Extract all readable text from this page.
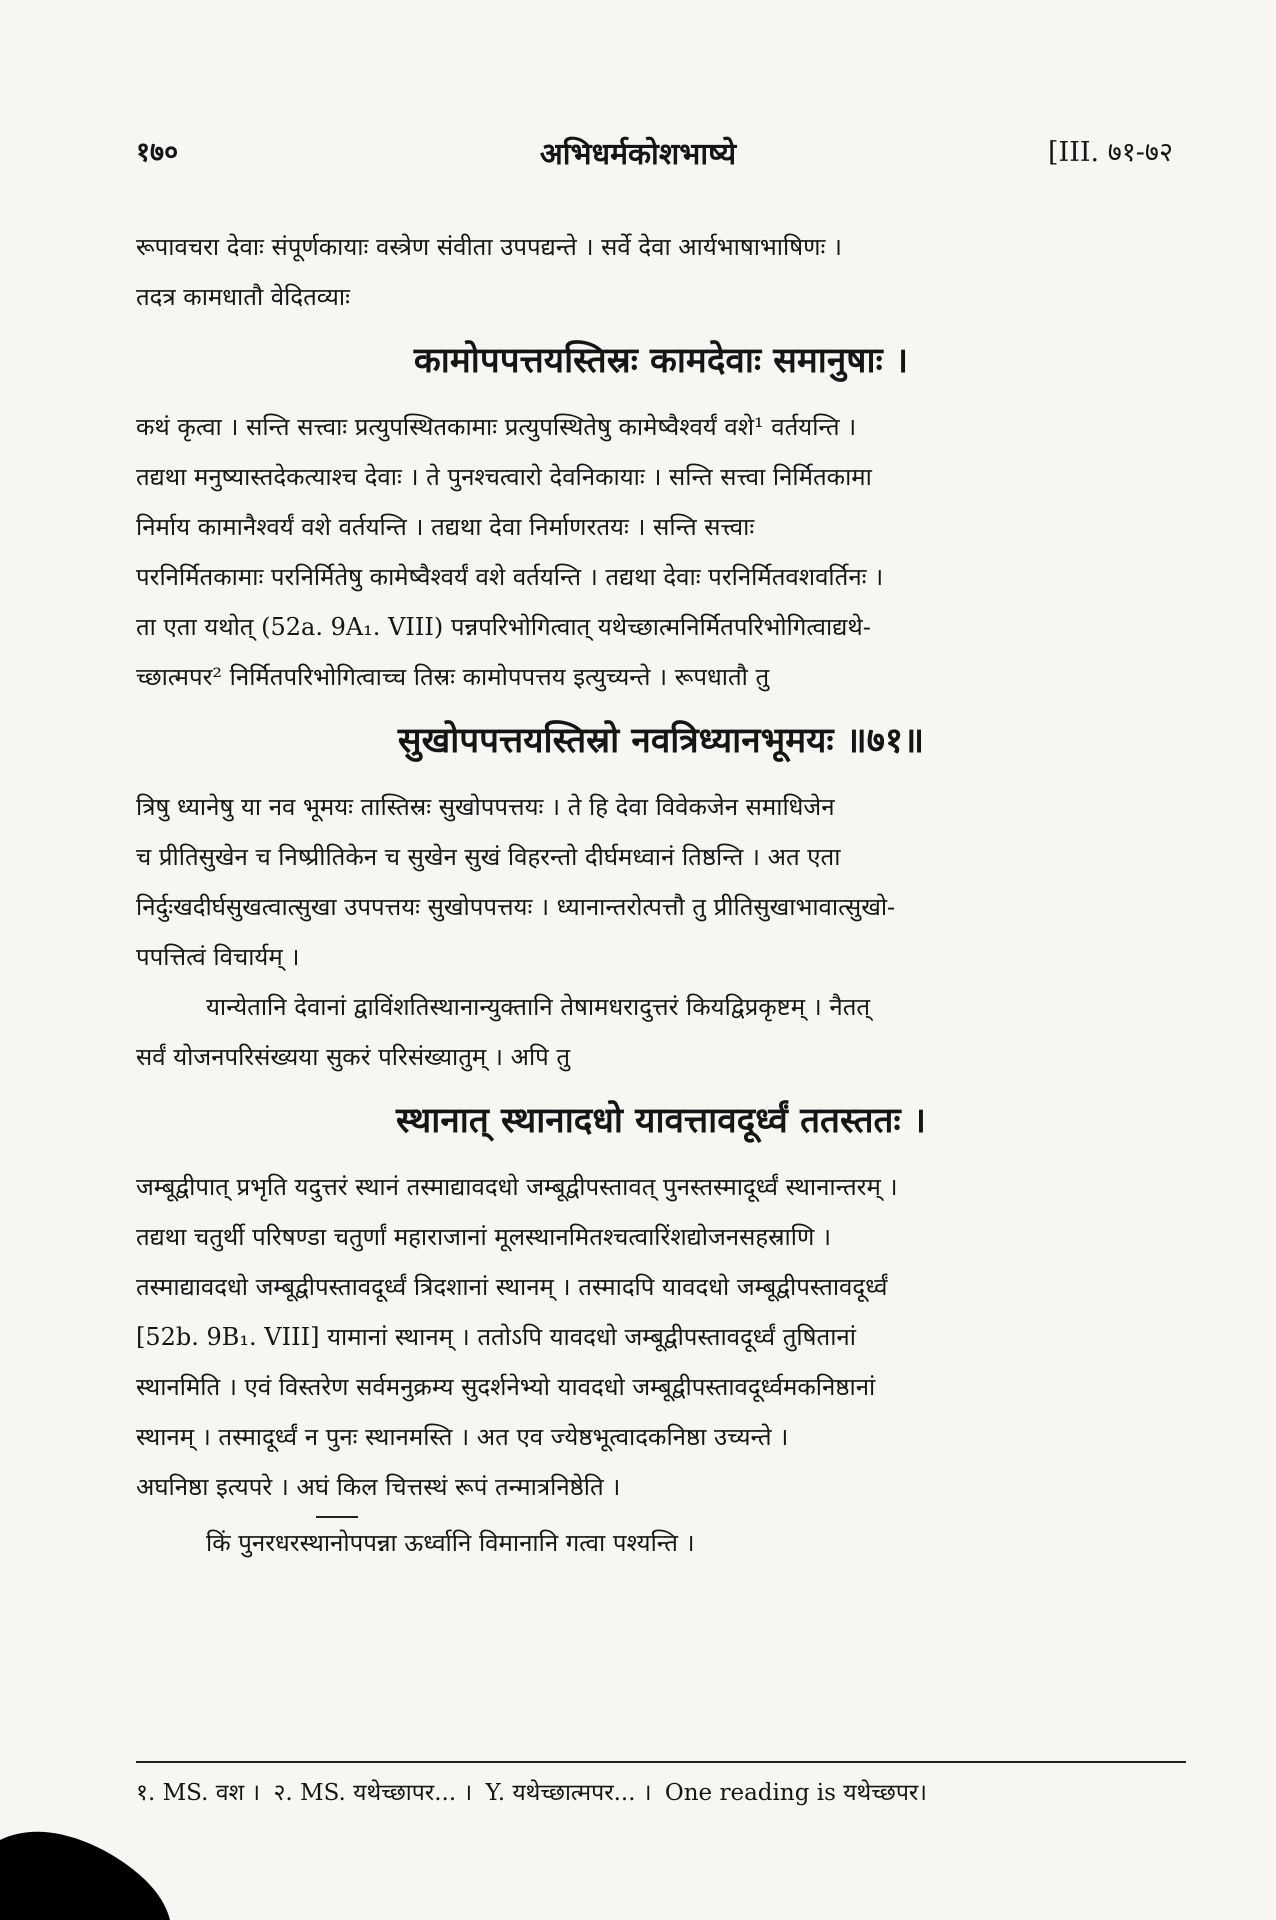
१७०	अभिधर्मकोशभाष्ये	[III. ७१-७२
रूपावचरा देवाः संपूर्णकायाः वस्त्रेण संवीता उपपद्यन्ते । सर्वे देवा आर्यभाषाभाषिणः ।
तदत्र कामधातौ वेदितव्याः
कामोपपत्तयस्तिस्रः कामदेवाः समानुषाः ।
कथं कृत्वा । सन्ति सत्त्वाः प्रत्युपस्थितकामाः प्रत्युपस्थितेषु कामेष्वैश्वर्यं वशे¹ वर्तयन्ति ।
तद्यथा मनुष्यास्तदेकत्याश्च देवाः । ते पुनश्चत्वारो देवनिकायाः । सन्ति सत्त्वा निर्मितकामा
निर्माय कामानैश्वर्यं वशे वर्तयन्ति । तद्यथा देवा निर्माणरतयः । सन्ति सत्त्वाः
परनिर्मितकामाः परनिर्मितेषु कामेष्वैश्वर्यं वशे वर्तयन्ति । तद्यथा देवाः परनिर्मितवशवर्तिनः ।
ता एता यथोत् (52a. 9A₁. VIII) पन्नपरिभोगित्वात् यथेच्छात्मनिर्मितपरिभोगित्वाद्यथे-
च्छात्मपर² निर्मितपरिभोगित्वाच्च तिस्रः कामोपपत्तय इत्युच्यन्ते । रूपधातौ तु
सुखोपपत्तयस्तिस्रो नवत्रिध्यानभूमयः ॥७१॥
त्रिषु ध्यानेषु या नव भूमयः तास्तिस्रः सुखोपपत्तयः । ते हि देवा विवेकजेन समाधिजेन
च प्रीतिसुखेन च निष्प्रीतिकेन च सुखेन सुखं विहरन्तो दीर्घमध्वानं तिष्ठन्ति । अत एता
निर्दुःखदीर्घसुखत्वात्सुखा उपपत्तयः सुखोपपत्तयः । ध्यानान्तरोत्पत्तौ तु प्रीतिसुखाभावात्सुखो-
पपत्तित्वं विचार्यम् ।
यान्येतानि देवानां द्वाविंशतिस्थानान्युक्तानि तेषामधरादुत्तरं कियद्विप्रकृष्टम् । नैतत्
सर्वं योजनपरिसंख्यया सुकरं परिसंख्यातुम् । अपि तु
स्थानात् स्थानादधो यावत्तावदूर्ध्वं ततस्ततः ।
जम्बूद्वीपात् प्रभृति यदुत्तरं स्थानं तस्माद्यावदधो जम्बूद्वीपस्तावत् पुनस्तस्मादूर्ध्वं स्थानान्तरम् ।
तद्यथा चतुर्थी परिषण्डा चतुर्णां महाराजानां मूलस्थानमितश्चत्वारिंशद्योजनसहस्राणि ।
तस्माद्यावदधो जम्बूद्वीपस्तावदूर्ध्वं त्रिदशानां स्थानम् । तस्मादपि यावदधो जम्बूद्वीपस्तावदूर्ध्वं
[52b. 9B₁. VIII] यामानां स्थानम् । ततोऽपि यावदधो जम्बूद्वीपस्तावदूर्ध्वं तुषितानां
स्थानमिति । एवं विस्तरेण सर्वमनुक्रम्य सुदर्शनेभ्यो यावदधो जम्बूद्वीपस्तावदूर्ध्वमकनिष्ठानां
स्थानम् । तस्मादूर्ध्वं न पुनः स्थानमस्ति । अत एव ज्येष्ठभूत्वादकनिष्ठा उच्यन्ते ।
अघनिष्ठा इत्यपरे । अघं किल चित्तस्थं रूपं तन्मात्रनिष्ठेति ।
किं पुनरधरस्थानोपपन्ना ऊर्ध्वानि विमानानि गत्वा पश्यन्ति ।
१. MS. वश । २. MS. यथेच्छापर... । Y. यथेच्छात्मपर... । One reading is यथेच्छपर।
